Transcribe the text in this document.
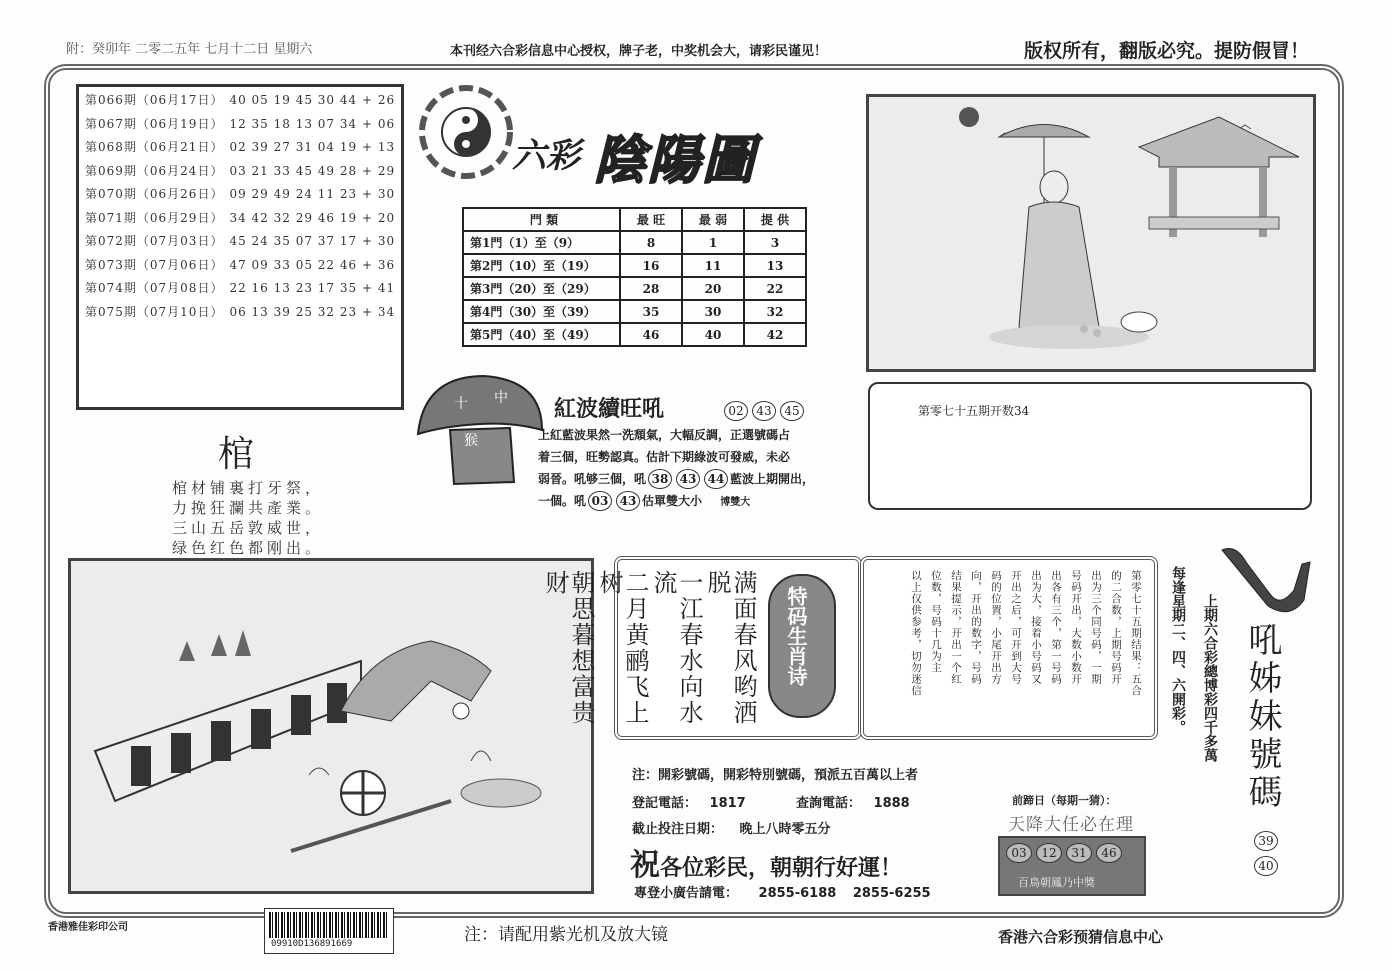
附：癸卯年 二零二五年 七月十二日 星期六	本刊经六合彩信息中心授权，牌子老，中奖机会大，请彩民谨见！	版权所有，翻版必究。提防假冒！
第066期（06月17日） 40 05 19 45 30 44 + 26
第067期（06月19日） 12 35 18 13 07 34 + 06
第068期（06月21日） 02 39 27 31 04 19 + 13
第069期（06月24日） 03 21 33 45 49 28 + 29
第070期（06月26日） 09 29 49 24 11 23 + 30
第071期（06月29日） 34 42 32 29 46 19 + 20
第072期（07月03日） 45 24 35 07 37 17 + 30
第073期（07月06日） 47 09 33 05 22 46 + 36
第074期（07月08日） 22 16 13 23 17 35 + 41
第075期（07月10日） 06 13 39 25 32 23 + 34
六彩 陰陽圖
門 類	最 旺	最 弱	提 供
第1門（1）至（9）	8	1	3
第2門（10）至（19）	16	11	13
第3門（20）至（29）	28	20	22
第4門（30）至（39）	35	30	32
第5門（40）至（49）	46	40	42
十 中
猴
紅波續旺吼	02 43 45
上紅藍波果然一洗頹氣，大幅反調，正選號碼占
着三個，旺勢認真。估計下期綠波可發威，未必
弱晉。吼够三個，吼 38 43 44 藍波上期開出，
一個。吼 03 43 估單雙大小 博雙大
第零七十五期开数34
棺
棺材铺裏打牙祭，
力挽狂瀾共產業。
三山五岳敦威世，
绿色红色都刚出。
满面春风哟洒脱
一江春水向水流
二月黄鹂飞上树
朝思暮想富贵财
特码生肖诗	第零七十五期结果：五合
的二合数，上期号码开
出为三个同号码，一期
号码开出，大数小数开
出各有三个，第一号码
出为大，接着小号码又
开出之后，可开到大号
码的位置，小尾开出方
向，开出的数字，号码
结果提示，开出一个红
位数，号码十几为主
以上仅供参考，切勿迷信	每逢星期二、四、六開彩。 上期六合彩總博彩四千多萬 吼姊妹號碼
3940
注：開彩號碼，開彩特別號碼，預派五百萬以上者
登記電話： 1817	查詢電話： 1888
截止投注日期： 晚上八時零五分
祝各位彩民，朝朝行好運！
專登小廣告請電： 2855-6188 2855-6255
前蹄日（每期一猜）：
天降大任必在理
03 12 31 46
百鳥朝鳳乃中獎
香港雅佳彩印公司
09910D136891669	注：请配用紫光机及放大镜	香港六合彩预猜信息中心
